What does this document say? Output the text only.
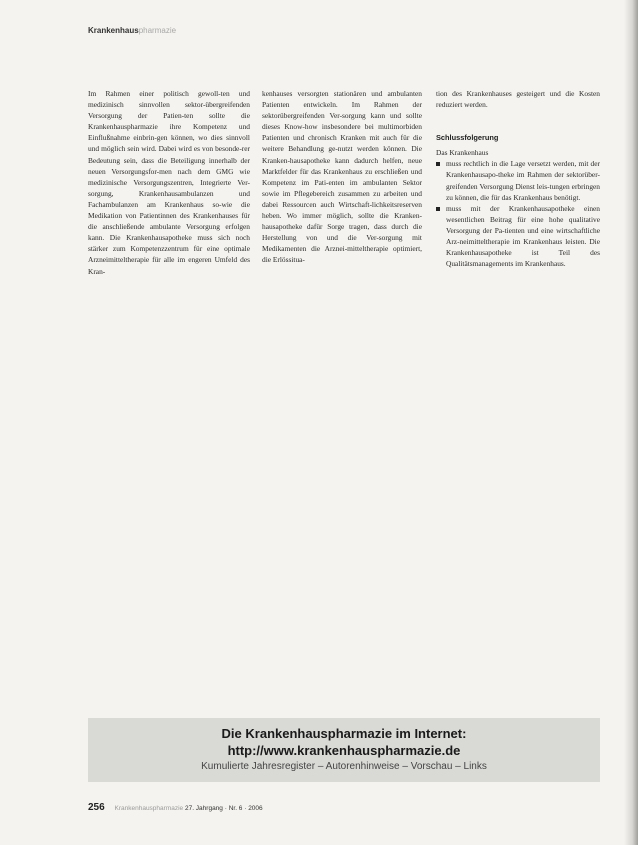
Krankenhauspharmazie

Im Rahmen einer politisch gewoll-ten und medizinisch sinnvollen sektor-übergreifenden Versorgung der Patien-ten sollte die Krankenhauspharmazie ihre Kompetenz und Einflußnahme einbrin-gen können, wo dies sinnvoll und möglich sein wird. Dabei wird es von besonde-rer Bedeutung sein, dass die Beteiligung innerhalb der neuen Versorgungsfor-men nach dem GMG wie medizinische Versorgungszentren, Integrierte Ver-sorgung, Krankenhausambulanzen und Fachambulanzen am Krankenhaus so-wie die Medikation von Patientinnen des Krankenhauses für die anschließende ambulante Versorgung erfolgen kann. Die Krankenhausapotheke muss sich noch stärker zum Kompetenzzentrum für eine optimale Arzneimitteltherapie für alle im engeren Umfeld des Kran-

kenhauses versorgten stationären und ambulanten Patienten entwickeln. Im Rahmen der sektorübergreifenden Ver-sorgung kann und sollte dieses Know-how insbesondere bei multimorbiden Patienten und chronisch Kranken mit auch für die weitere Behandlung ge-nutzt werden können. Die Kranken-hausapotheke kann dadurch helfen, neue Marktfelder für das Krankenhaus zu erschließen und Kompetenz im Pati-enten im ambulanten Sektor sowie im Pflegebereich zusammen zu arbeiten und dabei Ressourcen auch Wirtschaft-lichkeitsreserven heben. Wo immer möglich, sollte die Kranken-hausapotheke dafür Sorge tragen, dass durch die Herstellung von und die Ver-sorgung mit Medikamenten die Arznei-mitteltherapie optimiert, die Erlössitua-

tion des Krankenhauses gesteigert und die Kosten reduziert werden.

Schlussfolgerung

Das Krankenhaus

muss rechtlich in die Lage versetzt werden, mit der Krankenhausapo-theke im Rahmen der sektorüber-greifenden Versorgung Dienst leis-tungen erbringen zu können, die für das Krankenhaus benötigt.
muss mit der Krankenhausapotheke einen wesentlichen Beitrag für eine hohe qualitative Versorgung der Pa-tienten und eine wirtschaftliche Arz-neimitteltherapie im Krankenhaus leisten. Die Krankenhausapotheke ist Teil des Qualitätsmanagements im Krankenhaus.
Die Krankenhauspharmazie im Internet:
http://www.krankenhauspharmazie.de
Kumulierte Jahresregister – Autorenhinweise – Vorschau – Links
256 Krankenhauspharmazie 27. Jahrgang · Nr. 6 · 2006
